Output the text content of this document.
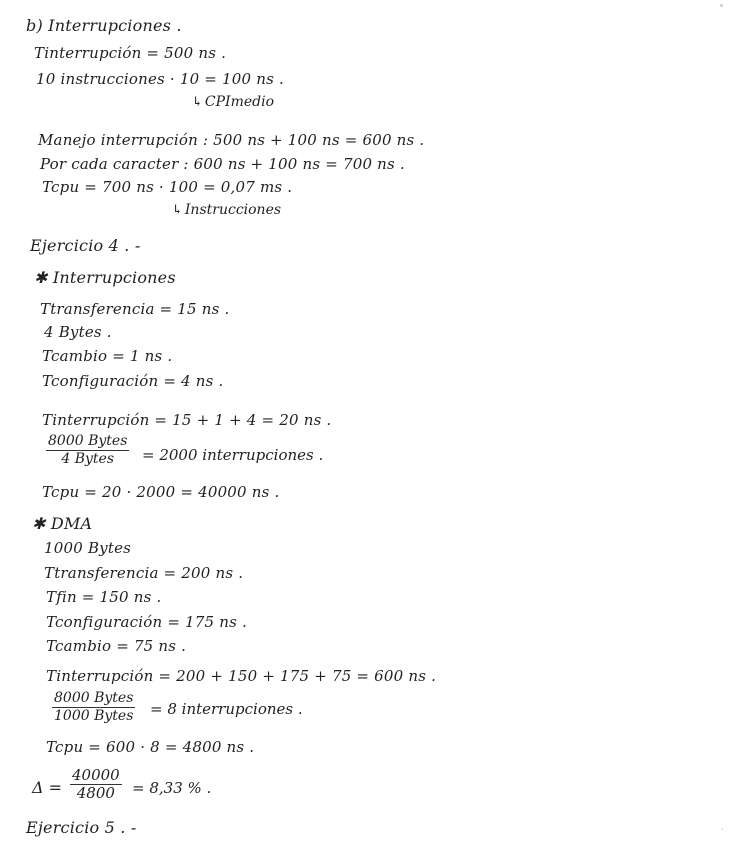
b) Interrupciones .
Tinterrupción = 500 ns .
10 instrucciones · 10 = 100 ns .
↳ CPImedio
Manejo interrupción : 500 ns + 100 ns = 600 ns .
Por cada caracter : 600 ns + 100 ns = 700 ns .
Tcpu = 700 ns · 100 = 0,07 ms .
↳ Instrucciones
Ejercicio 4 . -
✱ Interrupciones
Ttransferencia = 15 ns .
4 Bytes .
Tcambio = 1 ns .
Tconfiguración = 4 ns .
Tinterrupción = 15 + 1 + 4 = 20 ns .
8000 Bytes
4 Bytes = 2000 interrupciones .
Tcpu = 20 · 2000 = 40000 ns .
✱ DMA
1000 Bytes
Ttransferencia = 200 ns .
Tfin = 150 ns .
Tconfiguración = 175 ns .
Tcambio = 75 ns .
Tinterrupción = 200 + 150 + 175 + 75 = 600 ns .
8000 Bytes
1000 Bytes = 8 interrupciones .
Tcpu = 600 · 8 = 4800 ns .
$\Delta = \frac{40000}{4800} = 8,33$ % .
Ejercicio 5 . -
